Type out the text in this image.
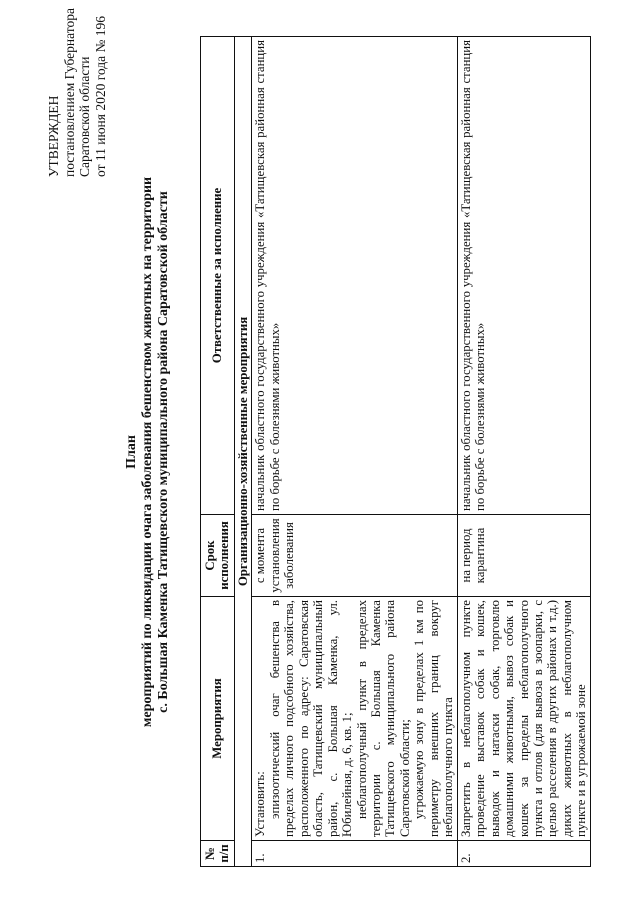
УТВЕРЖДЕН постановлением Губернатора Саратовской области от 11 июня 2020 года № 196
План мероприятий по ликвидации очага заболевания бешенством животных на территории с. Большая Каменка Татищевского муниципального района Саратовской области
№ п/п	Мероприятия	Срок исполнения	Ответственные за исполнение
Организационно-хозяйственные мероприятия			
1.	Установить: эпизоотический очаг бешенства в пределах личного подсобного хозяйства, расположенного по адресу: Саратовская область, Татищевский муниципальный район, с. Большая Каменка, ул. Юбилейная, д. 6, кв. 1; неблагополучный пункт в пределах территории с. Большая Каменка Татищевского муниципального района Саратовской области; угрожаемую зону в пределах 1 км по периметру внешних границ вокруг неблагополучного пункта	с момента установления заболевания	начальник областного государственного учреждения «Татищевская районная станция по борьбе с болезнями животных»
2.	Запретить в неблагополучном пункте проведение выставок собак и кошек, выводок и натаски собак, торговлю домашними животными, вывоз собак и кошек за пределы неблагополучного пункта и отлов (для вывоза в зоопарки, с целью расселения в других районах и т.д.) диких животных в неблагополучном пункте и в угрожаемой зоне	на период карантина	начальник областного государственного учреждения «Татищевская районная станция по борьбе с болезнями животных»
